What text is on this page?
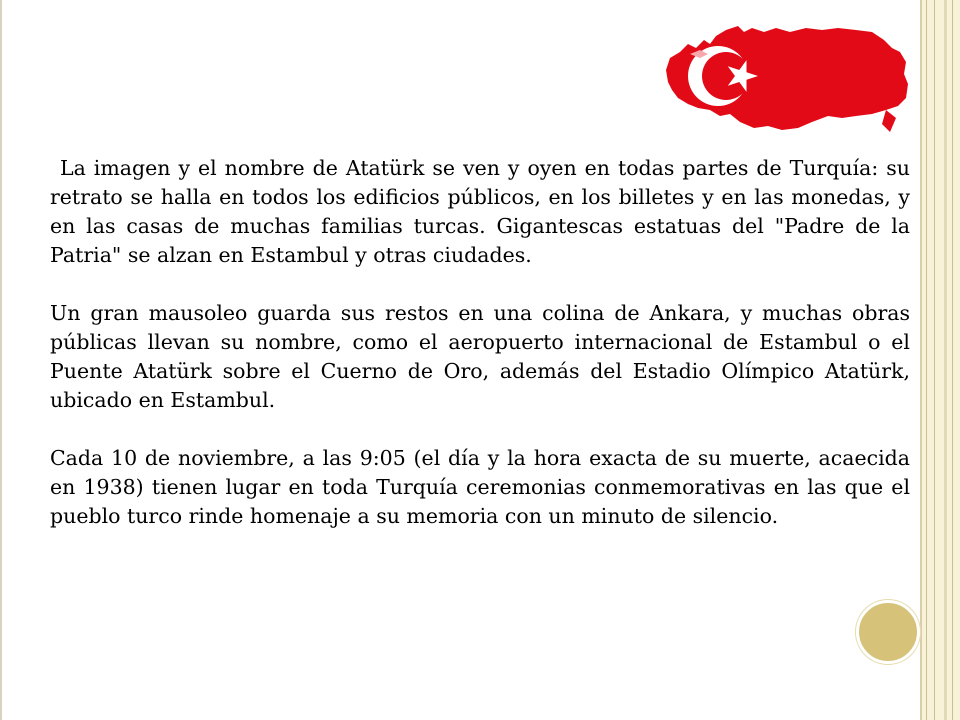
La imagen y el nombre de Atatürk se ven y oyen en todas partes de Turquía: su retrato se halla en todos los edificios públicos, en los billetes y en las monedas, y en las casas de muchas familias turcas. Gigantescas estatuas del "Padre de la Patria" se alzan en Estambul y otras ciudades.

Un gran mausoleo guarda sus restos en una colina de Ankara, y muchas obras públicas llevan su nombre, como el aeropuerto internacional de Estambul o el Puente Atatürk sobre el Cuerno de Oro, además del Estadio Olímpico Atatürk, ubicado en Estambul.

Cada 10 de noviembre, a las 9:05 (el día y la hora exacta de su muerte, acaecida en 1938) tienen lugar en toda Turquía ceremonias conmemorativas en las que el pueblo turco rinde homenaje a su memoria con un minuto de silencio.
